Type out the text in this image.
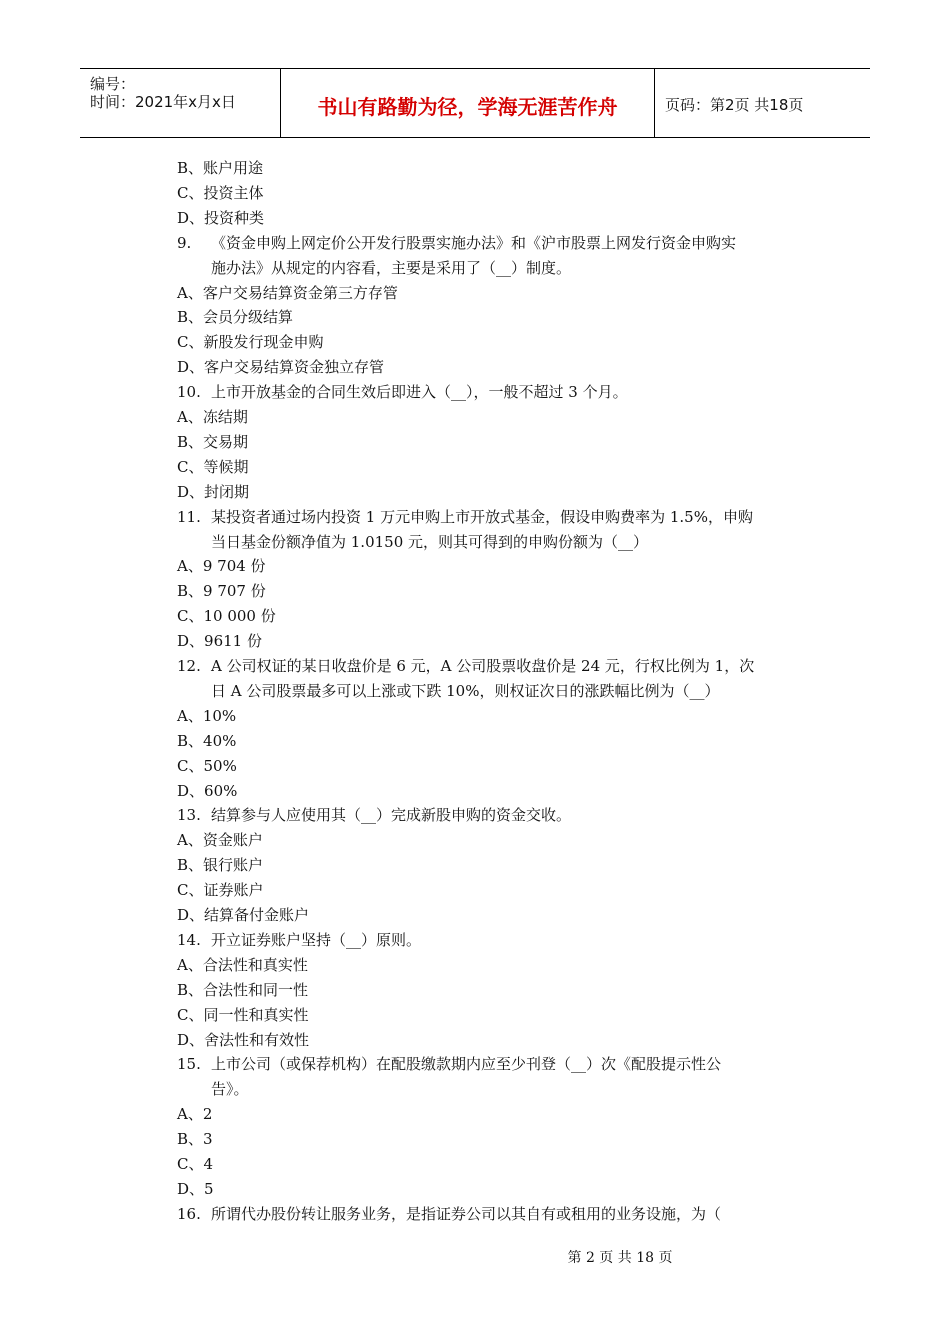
编号：
时间：2021年x月x日	书山有路勤为径，学海无涯苦作舟	页码：第2页 共18页
B、账户用途
C、投资主体
D、投资种类
9. 《资金申购上网定价公开发行股票实施办法》和《沪市股票上网发行资金申购实
施办法》从规定的内容看，主要是采用了（__）制度。
A、客户交易结算资金第三方存管
B、会员分级结算
C、新股发行现金申购
D、客户交易结算资金独立存管
10. 上市开放基金的合同生效后即进入（__），一般不超过 3 个月。
A、冻结期
B、交易期
C、等候期
D、封闭期
11. 某投资者通过场内投资 1 万元申购上市开放式基金，假设申购费率为 1.5%，申购
当日基金份额净值为 1.0150 元，则其可得到的申购份额为（__）
A、9 704 份
B、9 707 份
C、10 000 份
D、9611 份
12. A 公司权证的某日收盘价是 6 元，A 公司股票收盘价是 24 元，行权比例为 1，次
日 A 公司股票最多可以上涨或下跌 10%，则权证次日的涨跌幅比例为（__）
A、10%
B、40%
C、50%
D、60%
13. 结算参与人应使用其（__）完成新股申购的资金交收。
A、资金账户
B、银行账户
C、证券账户
D、结算备付金账户
14. 开立证券账户坚持（__）原则。
A、合法性和真实性
B、合法性和同一性
C、同一性和真实性
D、舍法性和有效性
15. 上市公司（或保荐机构）在配股缴款期内应至少刊登（__）次《配股提示性公
告》。
A、2
B、3
C、4
D、5
16. 所谓代办股份转让服务业务，是指证券公司以其自有或租用的业务设施，为（
第 2 页 共 18 页
